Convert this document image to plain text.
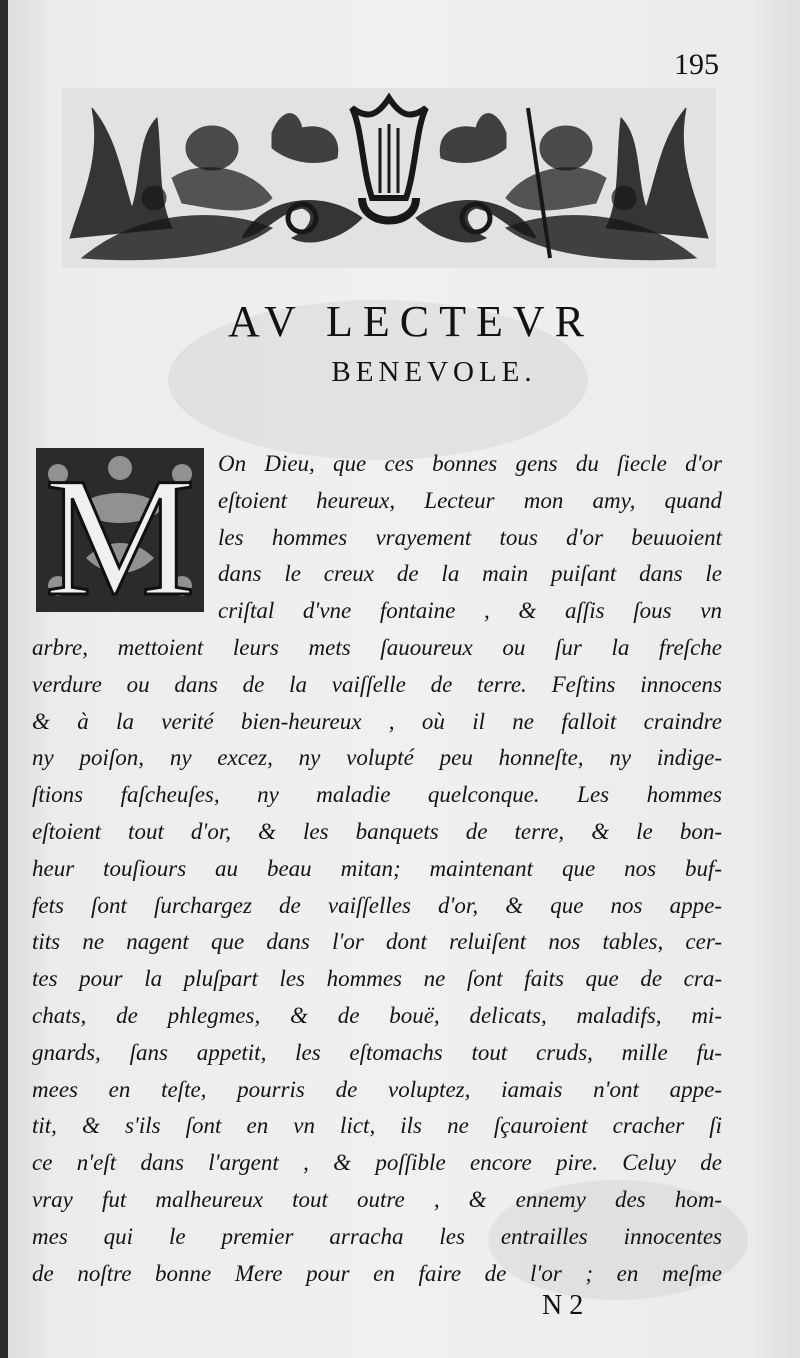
195
AV LECTEVR
BENEVOLE.
M On Dieu, que ces bonnes gens du ſiecle d'or
eſtoient heureux, Lecteur mon amy, quand
les hommes vrayement tous d'or beuuoient
dans le creux de la main puiſant dans le
criſtal d'vne fontaine , & aſſis ſous vn
arbre, mettoient leurs mets ſauoureux ou ſur la freſche
verdure ou dans de la vaiſſelle de terre. Feſtins innocens
& à la verité bien-heureux , où il ne falloit craindre
ny poiſon, ny excez, ny volupté peu honneſte, ny indige-
ſtions faſcheuſes, ny maladie quelconque. Les hommes
eſtoient tout d'or, & les banquets de terre, & le bon-
heur touſiours au beau mitan; maintenant que nos buf-
fets ſont ſurchargez de vaiſſelles d'or, & que nos appe-
tits ne nagent que dans l'or dont reluiſent nos tables, cer-
tes pour la pluſpart les hommes ne ſont faits que de cra-
chats, de phlegmes, & de bouë, delicats, maladifs, mi-
gnards, ſans appetit, les eſtomachs tout cruds, mille fu-
mees en teſte, pourris de voluptez, iamais n'ont appe-
tit, & s'ils ſont en vn lict, ils ne ſçauroient cracher ſi
ce n'eſt dans l'argent , & poſſible encore pire. Celuy de
vray fut malheureux tout outre , & ennemy des hom-
mes qui le premier arracha les entrailles innocentes
de noſtre bonne Mere pour en faire de l'or ; en meſme
N 2
